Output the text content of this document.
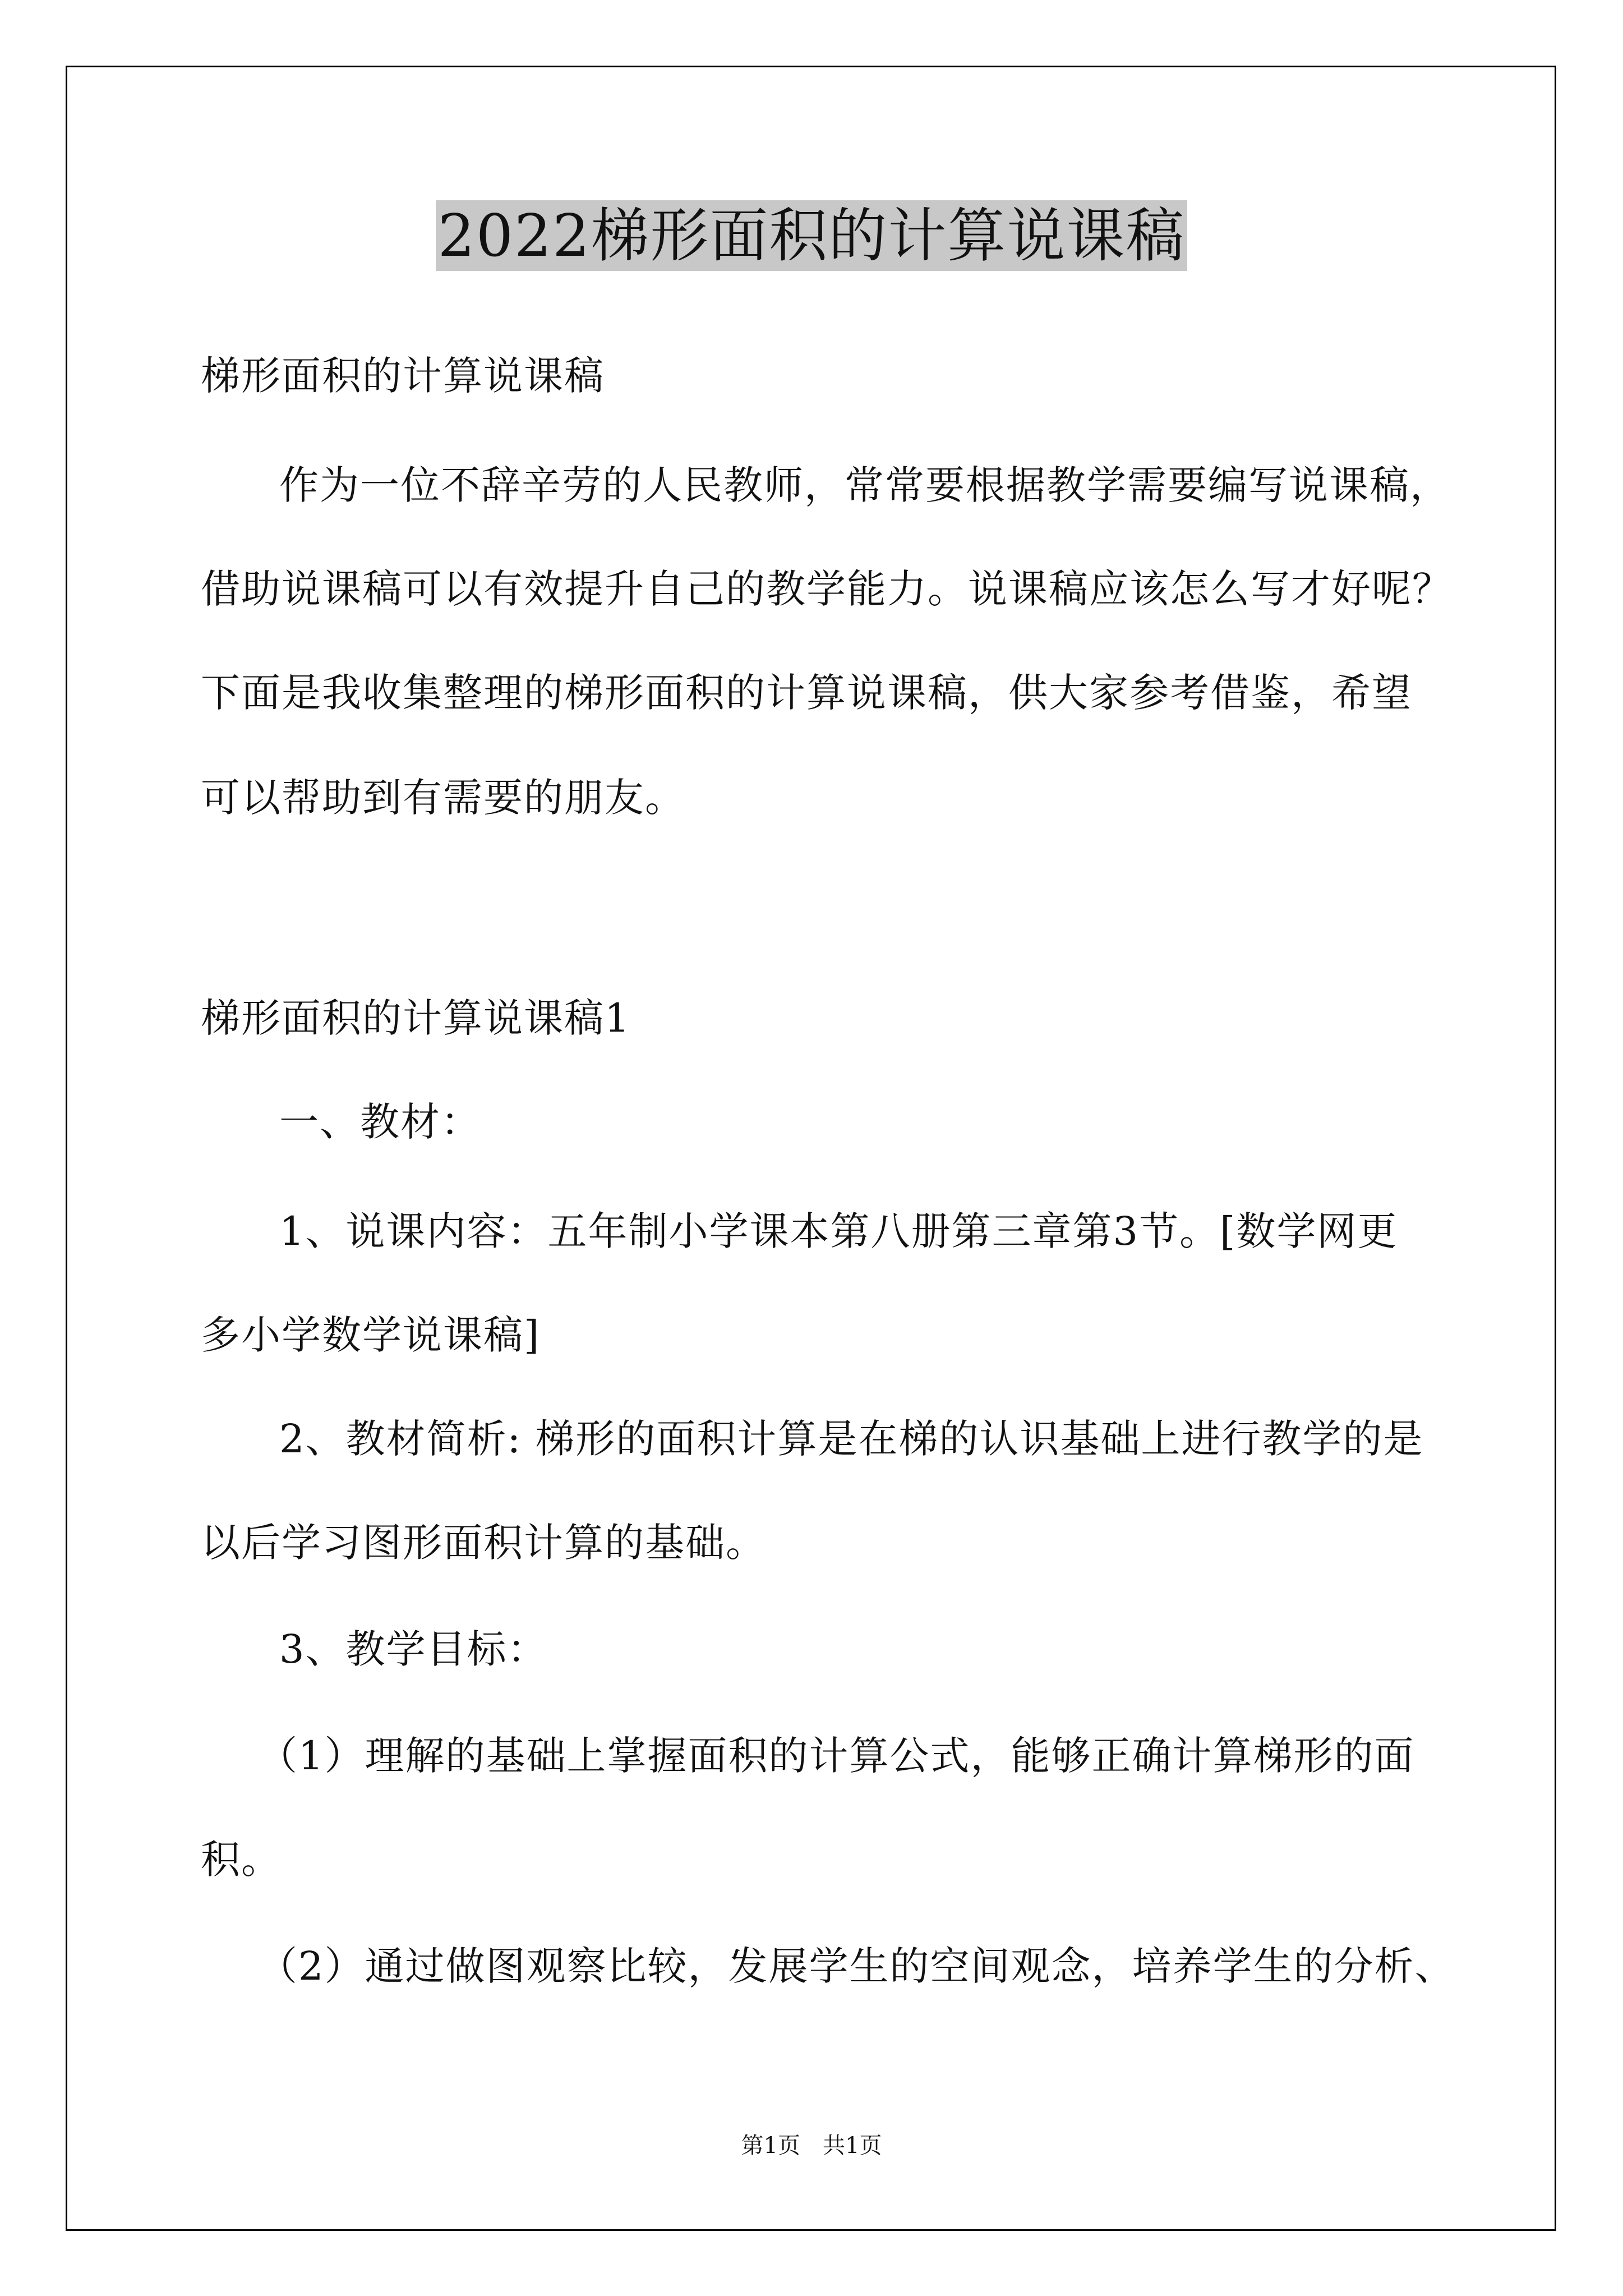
2022梯形面积的计算说课稿
梯形面积的计算说课稿
作为一位不辞辛劳的人民教师，常常要根据教学需要编写说课稿，
借助说课稿可以有效提升自己的教学能力。说课稿应该怎么写才好呢？
下面是我收集整理的梯形面积的计算说课稿，供大家参考借鉴，希望
可以帮助到有需要的朋友。
梯形面积的计算说课稿1
一、教材：
1、说课内容：五年制小学课本第八册第三章第3节。[数学网更
多小学数学说课稿]
2、教材简析: 梯形的面积计算是在梯的认识基础上进行教学的是
以后学习图形面积计算的基础。
3、教学目标：
（1）理解的基础上掌握面积的计算公式，能够正确计算梯形的面
积。
（2）通过做图观察比较，发展学生的空间观念，培养学生的分析、
第1页　共1页
